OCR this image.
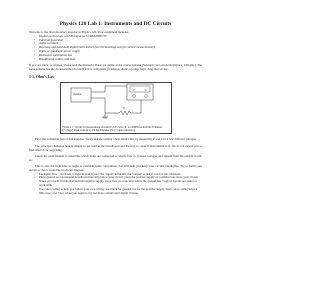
Physics 120 Lab 1: Instruments and DC Circuits

Welcome to the first laboratory exercise in Physics 120. Your equipment includes:

• Digital oscilloscope w/USB output for SCREENSHOTS
• Function generator
• Audio oscillator
• Benchtop and hand-held digital multi-meters (use the benchtop unit for current measurements)
• Triple or quadruple power supply
• Resistance substitution box
• Breadboard, cables, and tools

If you are stuck, or curious, please read the manuals! These are online at the course website (Neuroph ysics.ucsd.edu/physics_120a.php). The same website has the documentation for each active component (transistor, diode, op-amp, logic chip) that we use.

1-1. Ohm's Law
Variable
V	A
R
Figure 1-1: Circuit for measurement of resistor's I-V curve. R₁ is a DMM for both the Voltmeter ("voltage" input resistance) and the Ammeter ("low" input resistance).

First, the pedestrian part of this exercise: Verify that the resistor obeys Ohm's law, by measuring V and I for a few different voltages.

The principal challenge here is simply to get used to the breadboard and the way to connect instruments to it. We do not expect you to find Ohm's Law surprising.

Check the parts manual to determine which holes are connected to which, how to connect voltages and signals from the outside world, etc.

This is also the right time to begin to establish some conventions that will help you keep your circuits intelligible. Try to build your circuit so that it looks like its circuit diagram:

– Let signal flow – from left to right in your layout; the “input” is the left, the “output” is just it, read on the schematic.
– Place ground on a horizontal breadboard bus strip below your circuit; place the positive supply on a similar bus above your circuit. When you reach circuits that include negative supply, place that on a bus strip below the ground bus. Logical layouts are easier to work with.
– Use color coding to help you follow your own wiring: use black for ground, red for the positive supply. Such color coding helps a little now; a lot later, when you begin to lay out more complicated digital circuits.
